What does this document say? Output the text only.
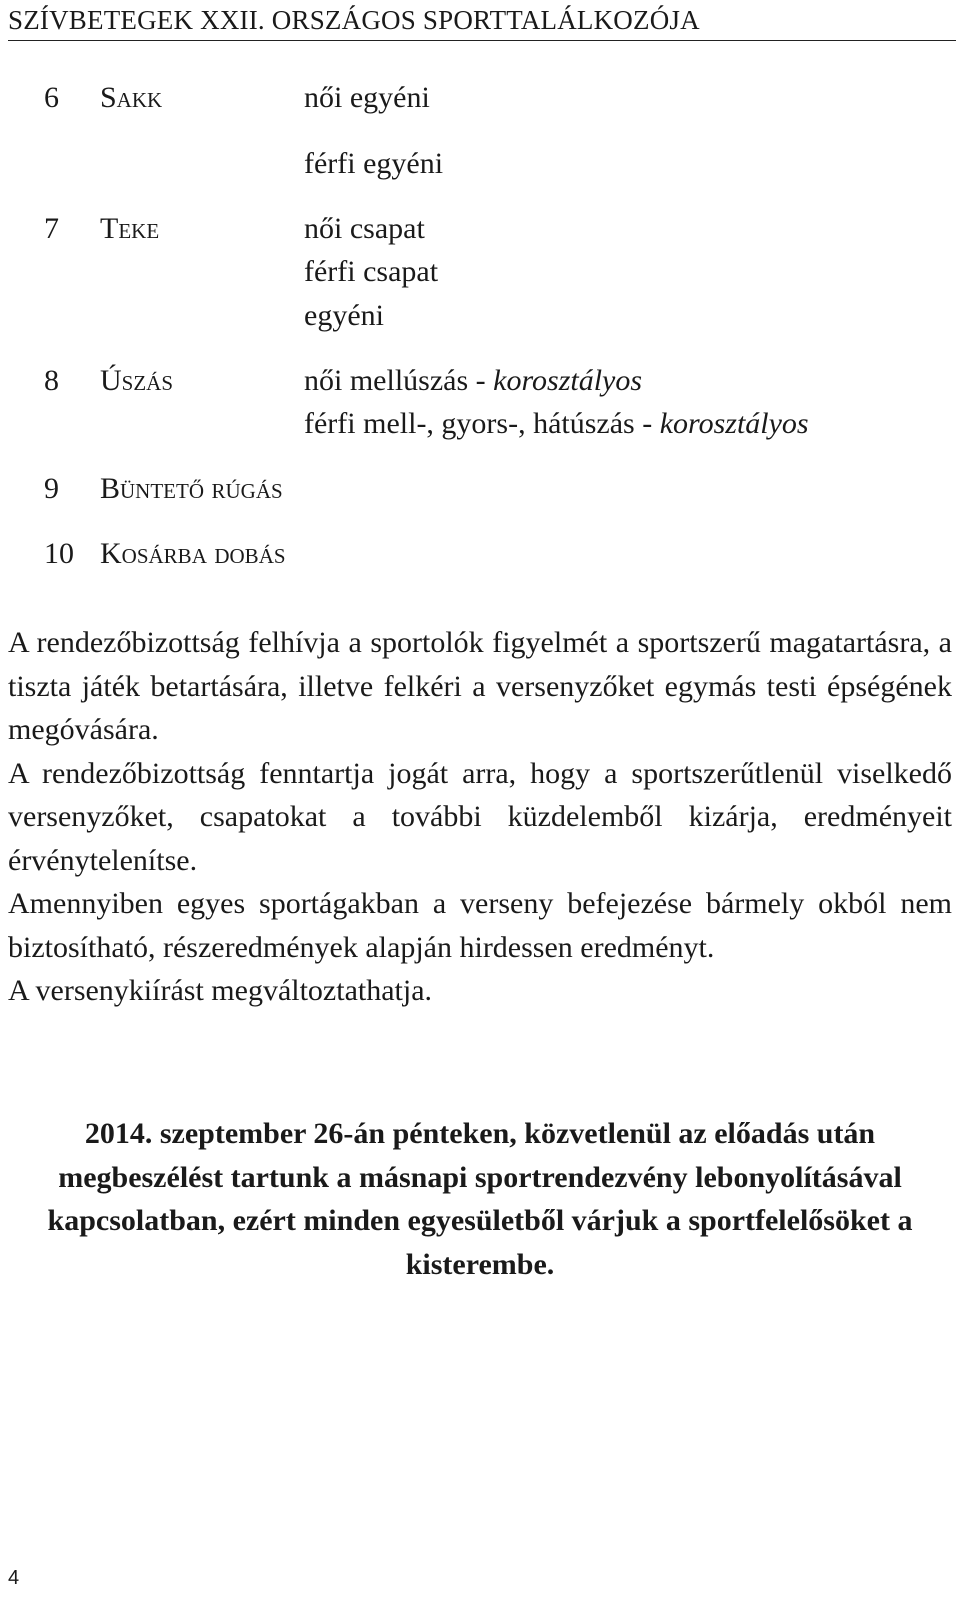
SZÍVBETEGEK XXII. ORSZÁGOS SPORTTALÁLKOZÓJA
6 Sakk	női egyéni
férfi egyéni
7 Teke	női csapat
férfi csapat
egyéni
8 Úszás	női mellúszás - korosztályos
férfi mell-, gyors-, hátúszás - korosztályos
9 Büntető rúgás
10 Kosárba dobás

A rendezőbizottság felhívja a sportolók figyelmét a sportszerű magatartásra, a tiszta játék betartására, illetve felkéri a versenyzőket egymás testi épségének megóvására.

A rendezőbizottság fenntartja jogát arra, hogy a sportszerűtlenül viselkedő versenyzőket, csapatokat a további küzdelemből kizárja, eredményeit érvénytelenítse.

Amennyiben egyes sportágakban a verseny befejezése bármely okból nem biztosítható, részeredmények alapján hirdessen eredményt.

A versenykiírást megváltoztathatja.

2014. szeptember 26-án pénteken, közvetlenül az előadás után megbeszélést tartunk a másnapi sportrendezvény lebonyolításával kapcsolatban, ezért minden egyesületből várjuk a sportfelelősöket a kisterembe.
4
